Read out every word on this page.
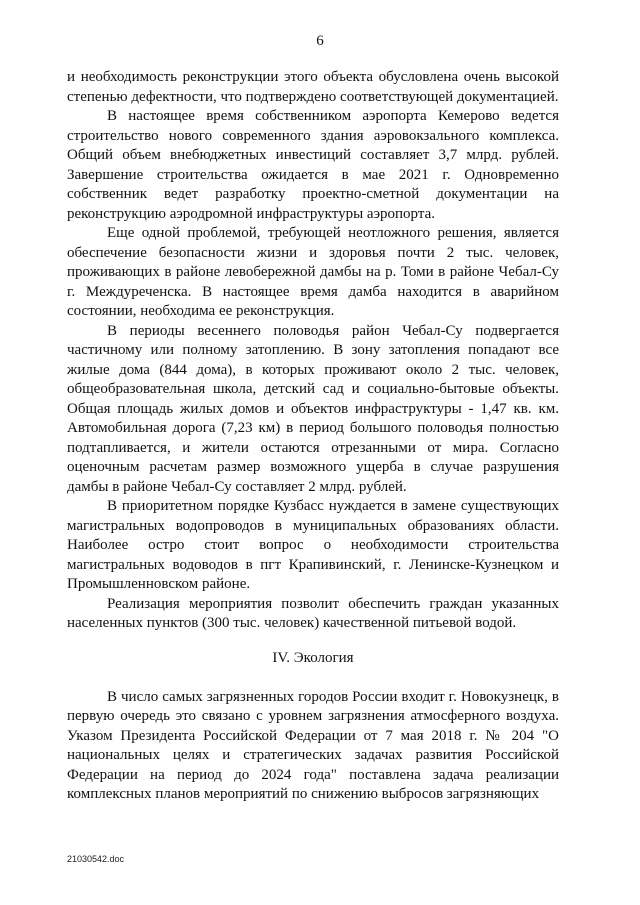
6

и необходимость реконструкции этого объекта обусловлена очень высокой степенью дефектности, что подтверждено соответствующей документацией.

В настоящее время собственником аэропорта Кемерово ведется строительство нового современного здания аэровокзального комплекса. Общий объем внебюджетных инвестиций составляет 3,7 млрд. рублей. Завершение строительства ожидается в мае 2021 г. Одновременно собственник ведет разработку проектно-сметной документации на реконструкцию аэродромной инфраструктуры аэропорта.

Еще одной проблемой, требующей неотложного решения, является обеспечение безопасности жизни и здоровья почти 2 тыс. человек, проживающих в районе левобережной дамбы на р. Томи в районе Чебал-Су г. Междуреченска. В настоящее время дамба находится в аварийном состоянии, необходима ее реконструкция.

В периоды весеннего половодья район Чебал-Су подвергается частичному или полному затоплению. В зону затопления попадают все жилые дома (844 дома), в которых проживают около 2 тыс. человек, общеобразовательная школа, детский сад и социально-бытовые объекты. Общая площадь жилых домов и объектов инфраструктуры - 1,47 кв. км. Автомобильная дорога (7,23 км) в период большого половодья полностью подтапливается, и жители остаются отрезанными от мира. Согласно оценочным расчетам размер возможного ущерба в случае разрушения дамбы в районе Чебал-Су составляет 2 млрд. рублей.

В приоритетном порядке Кузбасс нуждается в замене существующих магистральных водопроводов в муниципальных образованиях области. Наиболее остро стоит вопрос о необходимости строительства магистральных водоводов в пгт Крапивинский, г. Ленинске-Кузнецком и Промышленновском районе.

Реализация мероприятия позволит обеспечить граждан указанных населенных пунктов (300 тыс. человек) качественной питьевой водой.

IV. Экология

В число самых загрязненных городов России входит г. Новокузнецк, в первую очередь это связано с уровнем загрязнения атмосферного воздуха. Указом Президента Российской Федерации от 7 мая 2018 г. № 204 "О национальных целях и стратегических задачах развития Российской Федерации на период до 2024 года" поставлена задача реализации комплексных планов мероприятий по снижению выбросов загрязняющих

21030542.doc
